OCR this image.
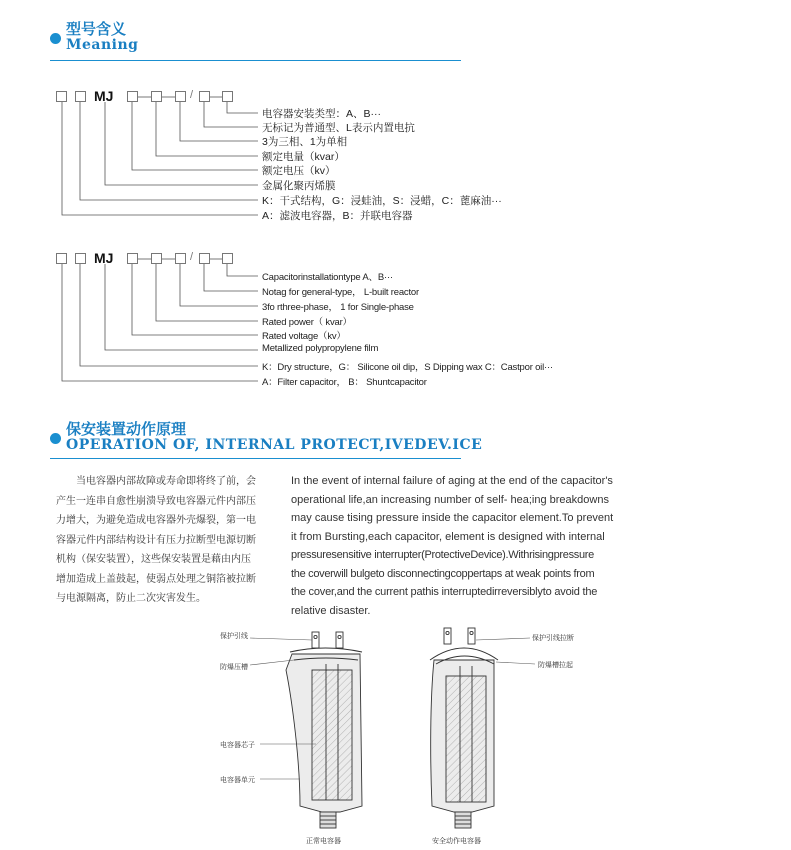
型号含义
Meaning
MJ	/
电容器安装类型：A、B···
无标记为普通型、L表示内置电抗
3为三相、1为单相
额定电量（kvar）
额定电压（kv）
金属化聚丙烯膜
K：干式结构，G：浸蛙油，S：浸蜡，C：蓖麻油···
A：滤波电容器，B：并联电容器
MJ	/
Capacitorinstallationtype A、B···
Notag for general-type， L-built reactor
3fo rthree-phase， 1 for Single-phase
Rated power（ kvar）
Rated voltage（kv）
Metallized polypropylene film
K：Dry structure，G： Silicone oil dip，S Dipping wax C：Castpor oil···
A：Filter capacitor， B： Shuntcapacitor
保安装置动作原理
OPERATION OF, INTERNAL PROTECT,IVEDEV.ICE
当电容器内部故障或寿命即将终了前，会
产生一连串自愈性崩溃导致电容器元件内部压
力增大，为避免造成电容器外壳爆裂，第一电
容器元件内部结构设计有压力拉断型电源切断
机构（保安装置），这些保安装置是藉由内压
增加造成上盖鼓起，使弱点处理之铜箔被拉断
与电源隔离，防止二次灾害发生。
In the event of internal failure of aging at the end of the capacitor's
operational life,an increasing number of self- hea;ing breakdowns
may cause tising pressure inside the capacitor element.To prevent
it from Bursting,each capacitor, element is designed with internal
pressuresensitive interrupter(ProtectiveDevice).Withrisingpressure
the coverwill bulgeto disconnectingcoppertaps at weak points from
the cover,and the current pathis interruptedirreversiblyto avoid the
relative disaster.
保护引线
防爆压槽
电容器芯子
电容器单元
正常电容器
保护引线拉断
防爆槽拉起
安全动作电容器
